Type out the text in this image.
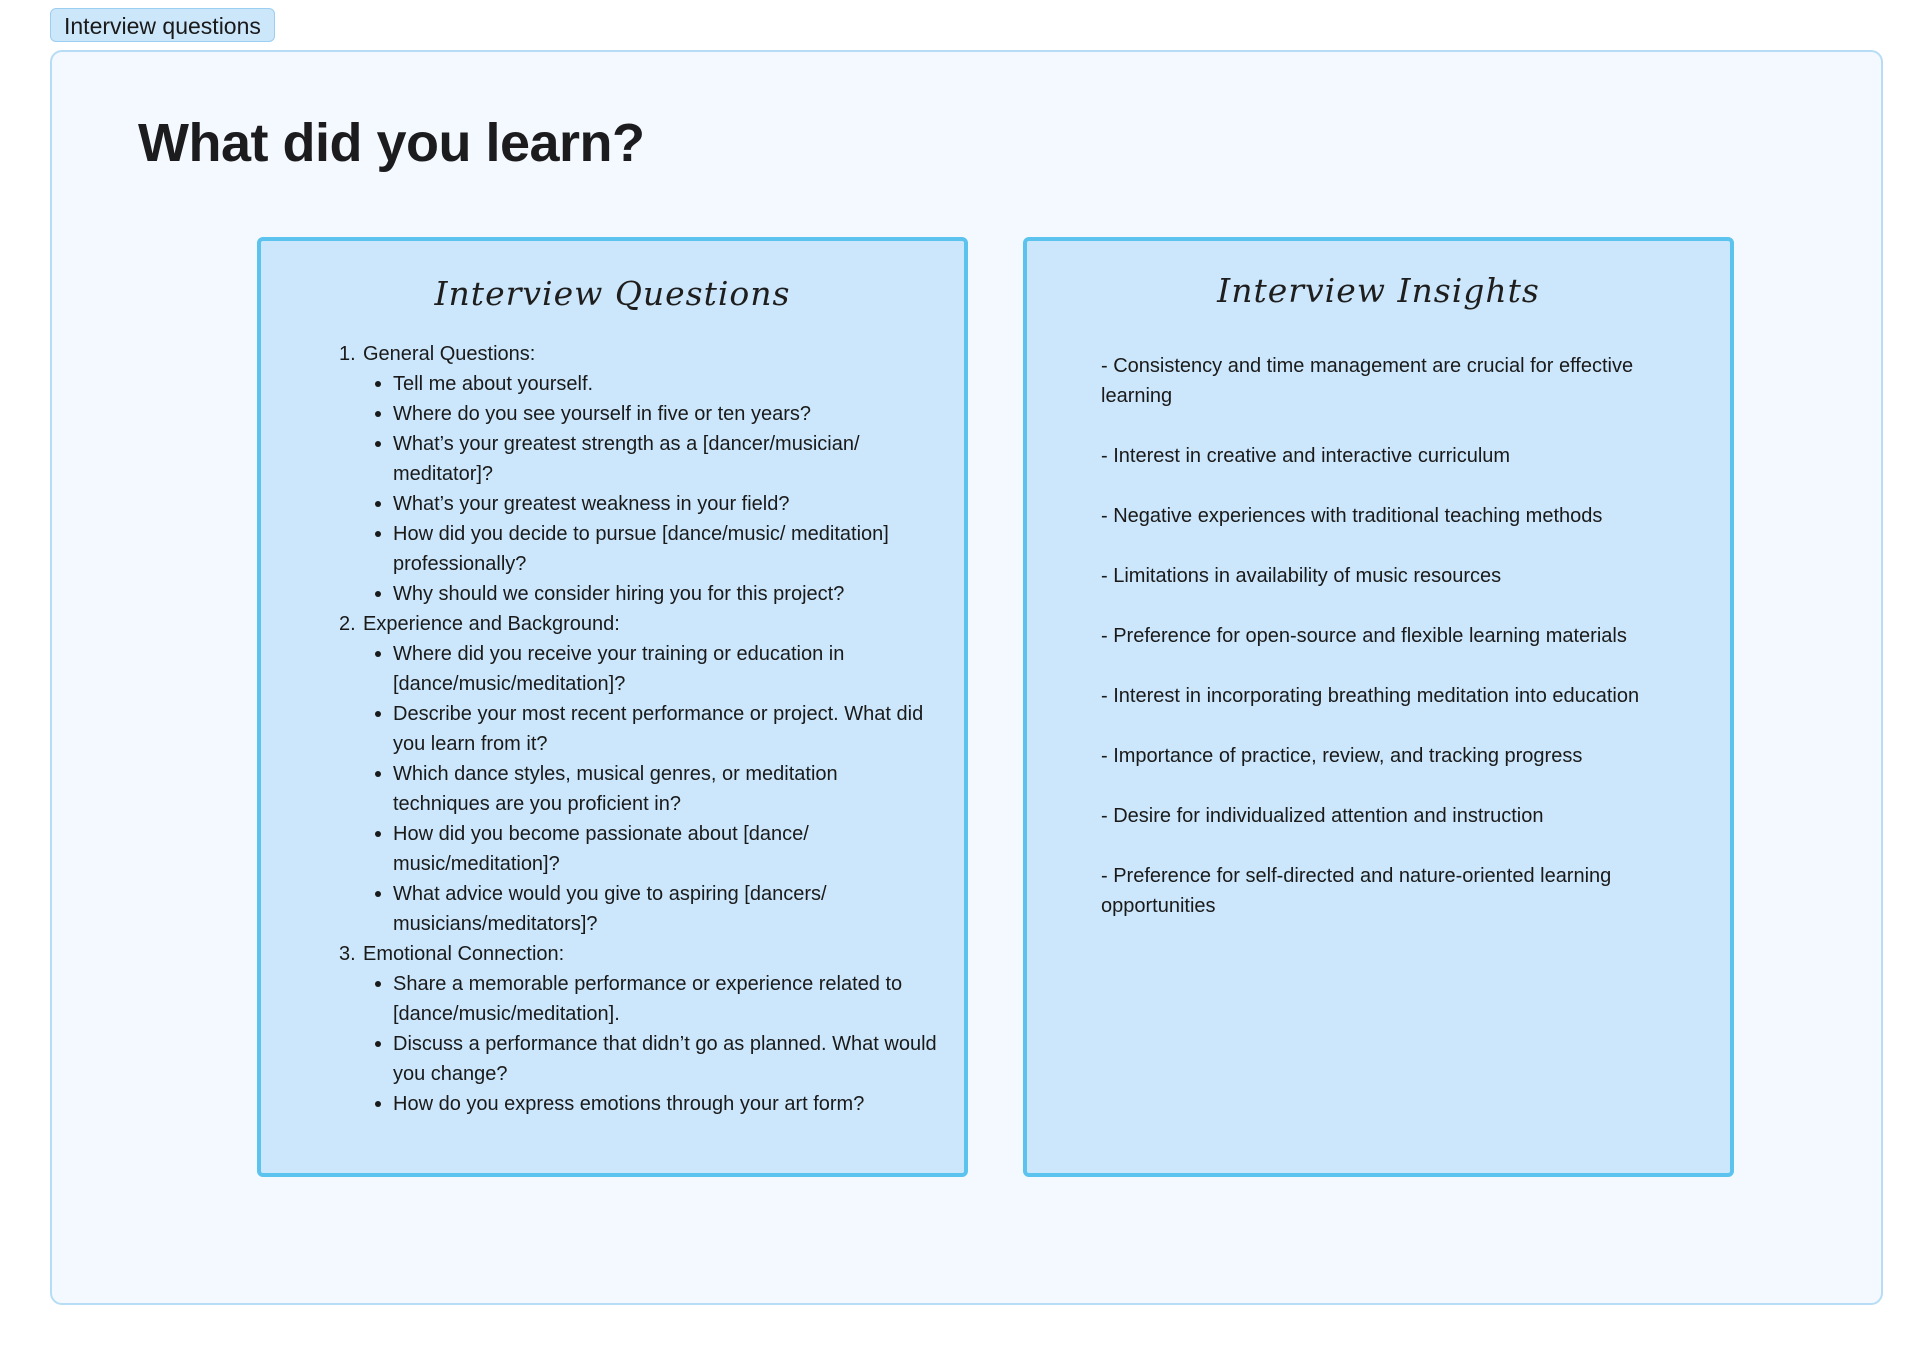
Interview questions
What did you learn?
Interview Questions
1. General Questions:
Tell me about yourself.
Where do you see yourself in five or ten years?
What’s your greatest strength as a [dancer/musician/ meditator]?
What’s your greatest weakness in your field?
How did you decide to pursue [dance/music/ meditation] professionally?
Why should we consider hiring you for this project?
2. Experience and Background:
Where did you receive your training or education in [dance/music/meditation]?
Describe your most recent performance or project. What did you learn from it?
Which dance styles, musical genres, or meditation techniques are you proficient in?
How did you become passionate about [dance/ music/meditation]?
What advice would you give to aspiring [dancers/ musicians/meditators]?
3. Emotional Connection:
Share a memorable performance or experience related to [dance/music/meditation].
Discuss a performance that didn’t go as planned. What would you change?
How do you express emotions through your art form?
Interview Insights
- Consistency and time management are crucial for effective learning
- Interest in creative and interactive curriculum
- Negative experiences with traditional teaching methods
- Limitations in availability of music resources
- Preference for open-source and flexible learning materials
- Interest in incorporating breathing meditation into education
- Importance of practice, review, and tracking progress
- Desire for individualized attention and instruction
- Preference for self-directed and nature-oriented learning opportunities
